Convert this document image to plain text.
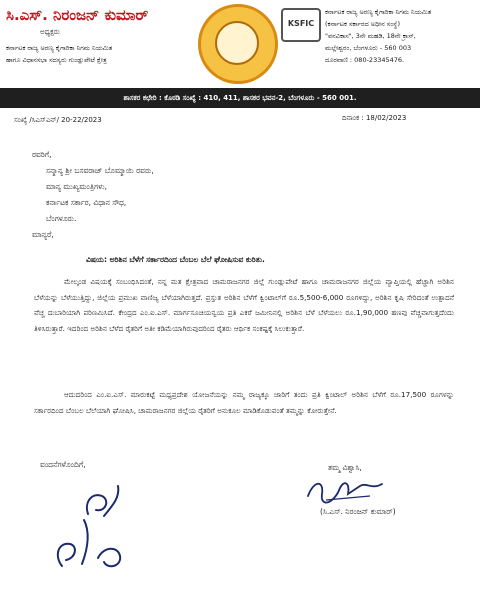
ಸಿ.ಎಸ್. ನಿರಂಜನ್ ಕುಮಾರ್
ಅಧ್ಯಕ್ಷರು
ಕರ್ನಾಟಕ ರಾಜ್ಯ ಅರಣ್ಯ ಕೈಗಾರಿಕಾ ನಿಗಮ ನಿಯಮಿತ
ಹಾಗೂ ವಿಧಾನಸಭಾ ಸದಸ್ಯರು ಗುಂಡ್ಲುಪೇಟೆ ಕ್ಷೇತ್ರ
KSFIC
ಕರ್ನಾಟಕ ರಾಜ್ಯ ಅರಣ್ಯ ಕೈಗಾರಿಕಾ ನಿಗಮ ನಿಯಮಿತ
(ಕರ್ನಾಟಕ ಸರ್ಕಾರದ ಅಧೀನ ಸಂಸ್ಥೆ)
"ವನವಿಕಾಸ", 3ನೇ ಮಹಡಿ, 18ನೇ ಕ್ರಾಸ್,
ಮಲ್ಲೇಶ್ವರಂ, ಬೆಂಗಳೂರು - 560 003
ದೂರವಾಣಿ : 080-23345476.
ಶಾಸಕರ ಕಛೇರಿ : ಕೊಠಡಿ ಸಂಖ್ಯೆ : 410, 411, ಶಾಸಕರ ಭವನ-2, ಬೆಂಗಳೂರು - 560 001.
ಸಂಖ್ಯೆ /ಸಿಎಸ್‌ಎನ್/ 20-22/2023	ದಿನಾಂಕ : 18/02/2023
ರವರಿಗೆ,
ಸನ್ಮಾನ್ಯ ಶ್ರೀ ಬಸವರಾಜ್ ಬೊಮ್ಮಾಯಿ ರವರು,
ಮಾನ್ಯ ಮುಖ್ಯಮಂತ್ರಿಗಳು,
ಕರ್ನಾಟಕ ಸರ್ಕಾರ, ವಿಧಾನ ಸೌಧ,
ಬೆಂಗಳೂರು.
ಮಾನ್ಯರೆ,
ವಿಷಯ: ಅರಿಶಿನ ಬೆಳೆಗೆ ಸರ್ಕಾರದಿಂದ ಬೆಂಬಲ ಬೆಲೆ ಘೋಷಿಸುವ ಕುರಿತು.
ಮೇಲ್ಕಂಡ ವಿಷಯಕ್ಕೆ ಸಂಬಂಧಿಸಿದಂತೆ, ನನ್ನ ಮತ ಕ್ಷೇತ್ರವಾದ ಚಾಮರಾಜನಗರ ಜಿಲ್ಲೆ ಗುಂಡ್ಲುಪೇಟೆ ಹಾಗೂ ಚಾಮರಾಜನಗರ ಜಿಲ್ಲೆಯ ವ್ಯಾಪ್ತಿಯಲ್ಲಿ ಹೆಚ್ಚಾಗಿ ಅರಿಶಿನ ಬೆಳೆಯನ್ನು ಬೆಳೆಯುತ್ತಿದ್ದು, ಜಿಲ್ಲೆಯ ಪ್ರಮುಖ ವಾಣಿಜ್ಯ ಬೆಳೆಯಾಗಿರುತ್ತದೆ. ಪ್ರಸ್ತುತ ಅರಿಶಿನ ಬೆಳೆಗೆ ಕ್ವಿಂಟಾಲ್‌ಗೆ ರೂ.5,500-6,000 ರೂಗಳಿದ್ದು, ಅರಿಶಿನ ಕೃಷಿ ಸೇರಿದಂತೆ ಉತ್ಪಾದನೆ ವೆಚ್ಚ ದುಬಾರಿಯಾಗಿ ಪರಿಣಮಿಸಿದೆ. ಕೇಂದ್ರದ ಎಂ.ಐ.ಎಸ್. ಮಾರ್ಗಸೂಚಿಯನ್ವಯ ಪ್ರತಿ ಎಕರೆ ಜಮೀನಿನಲ್ಲಿ ಅರಿಶಿನ ಬೆಳೆ ಬೆಳೆಯಲು ರೂ.1,90,000 ಹಣವು ವೆಚ್ಚವಾಗುತ್ತದೆಂದು ತಿಳಿಸಿರುತ್ತಾರೆ. ಇದರಿಂದ ಅರಿಶಿನ ಬೆಳೆದ ರೈತರಿಗೆ ಅತೀ ಕಡಿಮೆಯಾಗಿರುವುದರಿಂದ ರೈತರು ಆರ್ಥಿಕ ಸಂಕಷ್ಟಕ್ಕೆ ಸಿಲುಕುತ್ತಾರೆ.
ಆದುದರಿಂದ ಎಂ.ಐ.ಎಸ್. ಮಾರುಕಟ್ಟೆ ಮಧ್ಯಪ್ರದೇಶ ಯೋಜನೆಯನ್ನು ನಮ್ಮ ರಾಜ್ಯಕ್ಕೂ ಜಾರಿಗೆ ತಂದು ಪ್ರತಿ ಕ್ವಿಂಟಾಲ್ ಅರಿಶಿನ ಬೆಳೆಗೆ ರೂ.17,500 ರೂಗಳನ್ನು ಸರ್ಕಾರದಿಂದ ಬೆಂಬಲ ಬೆಲೆಯಾಗಿ ಘೋಷಿಸಿ, ಚಾಮರಾಜನಗರ ಜಿಲ್ಲೆಯ ರೈತರಿಗೆ ಅನುಕೂಲ ಮಾಡಿಕೊಡುವಂತೆ ತಮ್ಮನ್ನು ಕೋರುತ್ತೇನೆ.
ವಂದನೆಗಳೊಂದಿಗೆ,	ತಮ್ಮ ವಿಶ್ವಾಸಿ,
(ಸಿ.ಎಸ್. ನಿರಂಜನ್ ಕುಮಾರ್)
